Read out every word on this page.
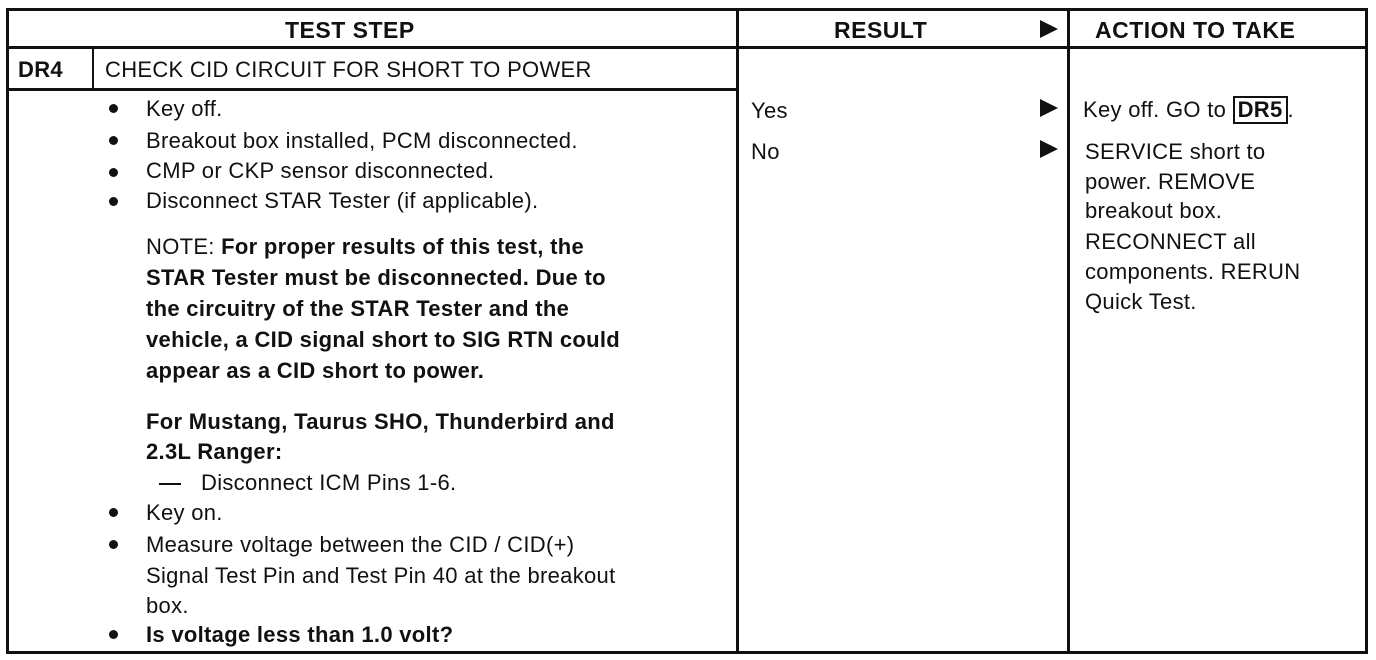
TEST STEP	RESULT	ACTION TO TAKE
DR4 CHECK CID CIRCUIT FOR SHORT TO POWER
Key off.
Breakout box installed, PCM disconnected.
CMP or CKP sensor disconnected.
Disconnect STAR Tester (if applicable).
NOTE: For proper results of this test, the
STAR Tester must be disconnected. Due to
the circuitry of the STAR Tester and the
vehicle, a CID signal short to SIG RTN could
appear as a CID short to power.
For Mustang, Taurus SHO, Thunderbird and
2.3L Ranger:
Disconnect ICM Pins 1-6.
Key on.
Measure voltage between the CID / CID(+)
Signal Test Pin and Test Pin 40 at the breakout
box.
Is voltage less than 1.0 volt?
Yes
No
Key off. GO to DR5 .
SERVICE short to
power. REMOVE
breakout box.
RECONNECT all
components. RERUN
Quick Test.
